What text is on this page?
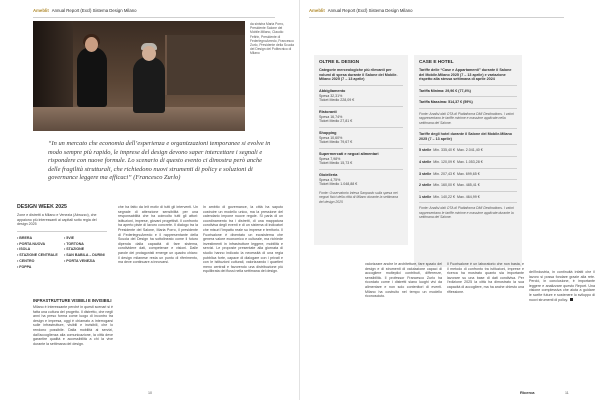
Ameblit Annual Report (Excl) Sistema Design Milano
da sinistra Maria Porro, Presidente Salone del Mobile.Milano, Claudio Feltrin, Presidente di FederlegnoArredo, Francesco Zurlo, Presidente della Scuola del Design del Politecnico di Milano
“In un mercato che economia dell’esperienza e organizzazioni temporanee si evolve in modo sempre più rapido, le imprese del design devono saper intercettare i segnali e rispondere con nuove formule. Lo scenario di questo evento ci dimostra però anche delle fragilità strutturali, che richiedono nuovi strumenti di policy e soluzioni di governance leggere ma efficaci” (Francesco Zurlo)
DESIGN WEEK 2025
Zone e distretti a Milano e Venezia (Abruzzo), che appaiono più interessanti ai capitali sotto regia del design 2025
• BRERA	• 5VIE
• PORTA NUOVA	• TORTONA
• ISOLA	• STAZIONE
• STAZIONE CENTRALE	• SAN BABILA – DURINI
• CENTRO	• PORTA VENEZIA
• FOPPA
che ha fatto da leit motiv di tutti gli interventi. Un segnale di attenzione sensibilità per una responsabilità che ha coinvolto tutti gli attori: istituzioni, imprese, giovani progettisti. Il confronto ha aperto piste di lavoro concrete. Il dialogo tra la Presidente del Salone, Maria Porro, il presidente di FederlegnoArredo e il rappresentante della Scuola del Design ha sottolineato come il futuro dipenda dalla capacità di fare sistema, condividere dati, competenze e visioni. Dalle parole dei protagonisti emerge un quadro chiaro: il design milanese resta un punto di riferimento, ma deve continuare a innovarsi.
In ambito di governance, la città ha saputo costruire un modello unico, ma la pressione del calendario impone nuove regole. Si parla di un coordinamento tra i distretti, di una mappatura condivisa degli eventi e di un sistema di indicatori che misuri l’impatto reale su imprese e territorio. Il Fuorisalone è diventato un ecosistema che genera valore economico e culturale, ma richiede investimenti in infrastrutture leggere, mobilità e servizi. Le proposte presentate alla giornata di studio hanno indicato la necessità di una regia pubblica forte, capace di dialogare con i privati e con le istituzioni culturali, valorizzando i quartieri meno centrali e favorendo una distribuzione più equilibrata dei flussi nella settimana del design.
INFRASTRUTTURE VISIBILI E INVISIBILI
Milano è interessante perché in questi scenari si è fatta una cultura del progetto. Il distretto, che negli anni ha preso forma come luogo di incontro tra design e impresa, oggi è chiamato a interrogarsi sulle infrastrutture, visibili e invisibili, che lo rendono possibile. Dalla mobilità ai servizi, dall’accoglienza alla comunicazione, la città deve garantire qualità e accessibilità a chi la vive durante la settimana del design.
10
Ameblit Annual Report (Excl) Sistema Design Milano
OLTRE IL DESIGN
Categorie merceologiche più rilevanti per volumi di spesa durante il Salone del Mobile. Milano 2025 (7 – 13 aprile)
Abbigliamento
Spesa 32,31%
Ticket Medio 228,09 €
Ristoranti
Spesa 16,74%
Ticket Medio 27,81 €
Shopping
Spesa 10,60%
Ticket Medio 79,67 €
Supermercati e negozi alimentari
Spesa 7,98%
Ticket Medio 15,73 €
Gioielleria
Spesa 4,75%
Ticket Medio 1.048,88 €
Fonte: Osservatorio Intesa Sanpaolo sulla spesa nei negozi fisici della città di Milano durante la settimana del design 2025
CASE E HOTEL
Tariffe delle “Case e Appartamenti” durante il Salone del Mobile.Milano 2025 (7 – 13 aprile) e variazione rispetto alla stessa settimana di aprile 2024
Tariffa Minima: 29,96 € (77,4%)
Tariffa Massima: 514,37 € (59%)
Fonte: Analisi dati OTA di Piattaforma DMI Destinations. I valori rappresentano le tariffe minime e massime applicate nella settimana del Salone.
Tariffe degli hotel durante il Salone del Mobile.Milano 2025 (7 – 13 aprile)
5 stelle Min. 335,40 € Max. 2.041,40 €
4 stelle Min. 120,09 € Max. 1.053,28 €
3 stelle Min. 207,43 € Max. 699,65 €
2 stelle Min. 160,00 € Max. 485,41 €
1 stelle Min. 140,22 € Max. 464,99 €
Fonte: Analisi dati OTA di Piattaforma DMI Destinations. I valori rappresentano le tariffe minime e massime applicate durante la settimana del Salone.
valorizzare anche le architetture, fare spazio del design e di strumenti di valutazione capaci di accogliere molteplici contributi, differenze, sensibilità. Il professor Francesco Zurlo ha ricordato come i distretti siano luoghi vivi da alimentare e non solo contenitori di eventi. Milano ha costruito nel tempo un modello riconosciuto.
Il Fuorisalone è un laboratorio che non basta, e il metodo di confronto tra istituzioni, imprese e ricerca ha mostrato quanto sia importante lavorare su una base di dati condivisa. Per l’edizione 2025 la città ha dimostrato la sua capacità di accogliere, ma ha anche chiesto una riflessione.
dell’industria, in continuità infatti che il lavoro si possa fondare grazie alla rete. Perciò, in conclusione, è importante leggere e analizzare questo Report. Una visione complessiva che aiuta a guidare le scelte future e sostenere lo sviluppo di nuovi strumenti di policy.
Ricerca	11
